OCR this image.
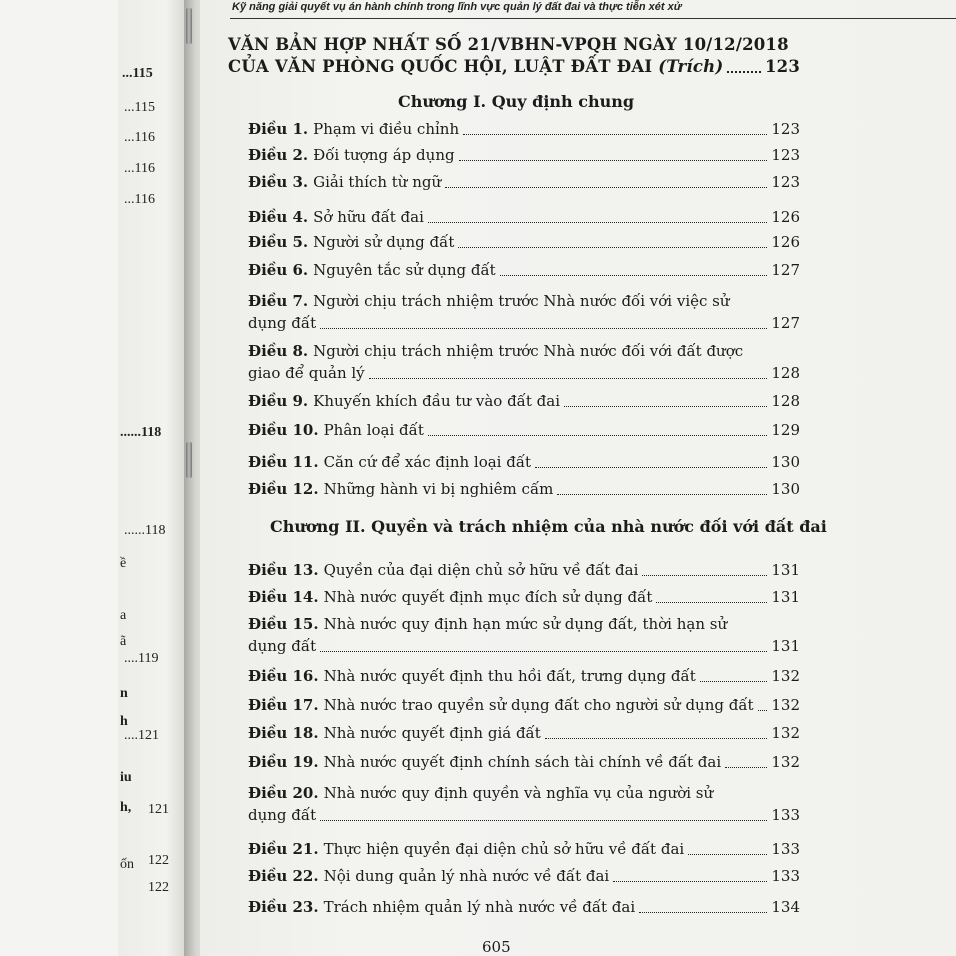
...115
...115
...116
...116
...116
......118
......118
ề
a
ã
....119
n
h
....121
iu
h, 121
ốn 122
122
Kỹ năng giải quyết vụ án hành chính trong lĩnh vực quản lý đất đai và thực tiễn xét xử
VĂN BẢN HỢP NHẤT SỐ 21/VBHN-VPQH NGÀY 10/12/2018
CỦA VĂN PHÒNG QUỐC HỘI, LUẬT ĐẤT ĐAI
(Trích)	123
Chương I. Quy định chung
Chương II. Quyền và trách nhiệm của nhà nước đối với đất đai
Điều 1. Phạm vi điều chỉnh	123
Điều 2. Đối tượng áp dụng	123
Điều 3. Giải thích từ ngữ	123
Điều 4. Sở hữu đất đai	126
Điều 5. Người sử dụng đất	126
Điều 6. Nguyên tắc sử dụng đất	127
Điều 7. Người chịu trách nhiệm trước Nhà nước đối với việc sử
dụng đất	127
Điều 8. Người chịu trách nhiệm trước Nhà nước đối với đất được
giao để quản lý	128
Điều 9. Khuyến khích đầu tư vào đất đai	128
Điều 10. Phân loại đất	129
Điều 11. Căn cứ để xác định loại đất	130
Điều 12. Những hành vi bị nghiêm cấm	130
Điều 13. Quyền của đại diện chủ sở hữu về đất đai	131
Điều 14. Nhà nước quyết định mục đích sử dụng đất	131
Điều 15. Nhà nước quy định hạn mức sử dụng đất, thời hạn sử
dụng đất	131
Điều 16. Nhà nước quyết định thu hồi đất, trưng dụng đất	132
Điều 17. Nhà nước trao quyền sử dụng đất cho người sử dụng đất 132
Điều 18. Nhà nước quyết định giá đất	132
Điều 19. Nhà nước quyết định chính sách tài chính về đất đai	132
Điều 20. Nhà nước quy định quyền và nghĩa vụ của người sử
dụng đất	133
Điều 21. Thực hiện quyền đại diện chủ sở hữu về đất đai	133
Điều 22. Nội dung quản lý nhà nước về đất đai	133
Điều 23. Trách nhiệm quản lý nhà nước về đất đai	134
605
